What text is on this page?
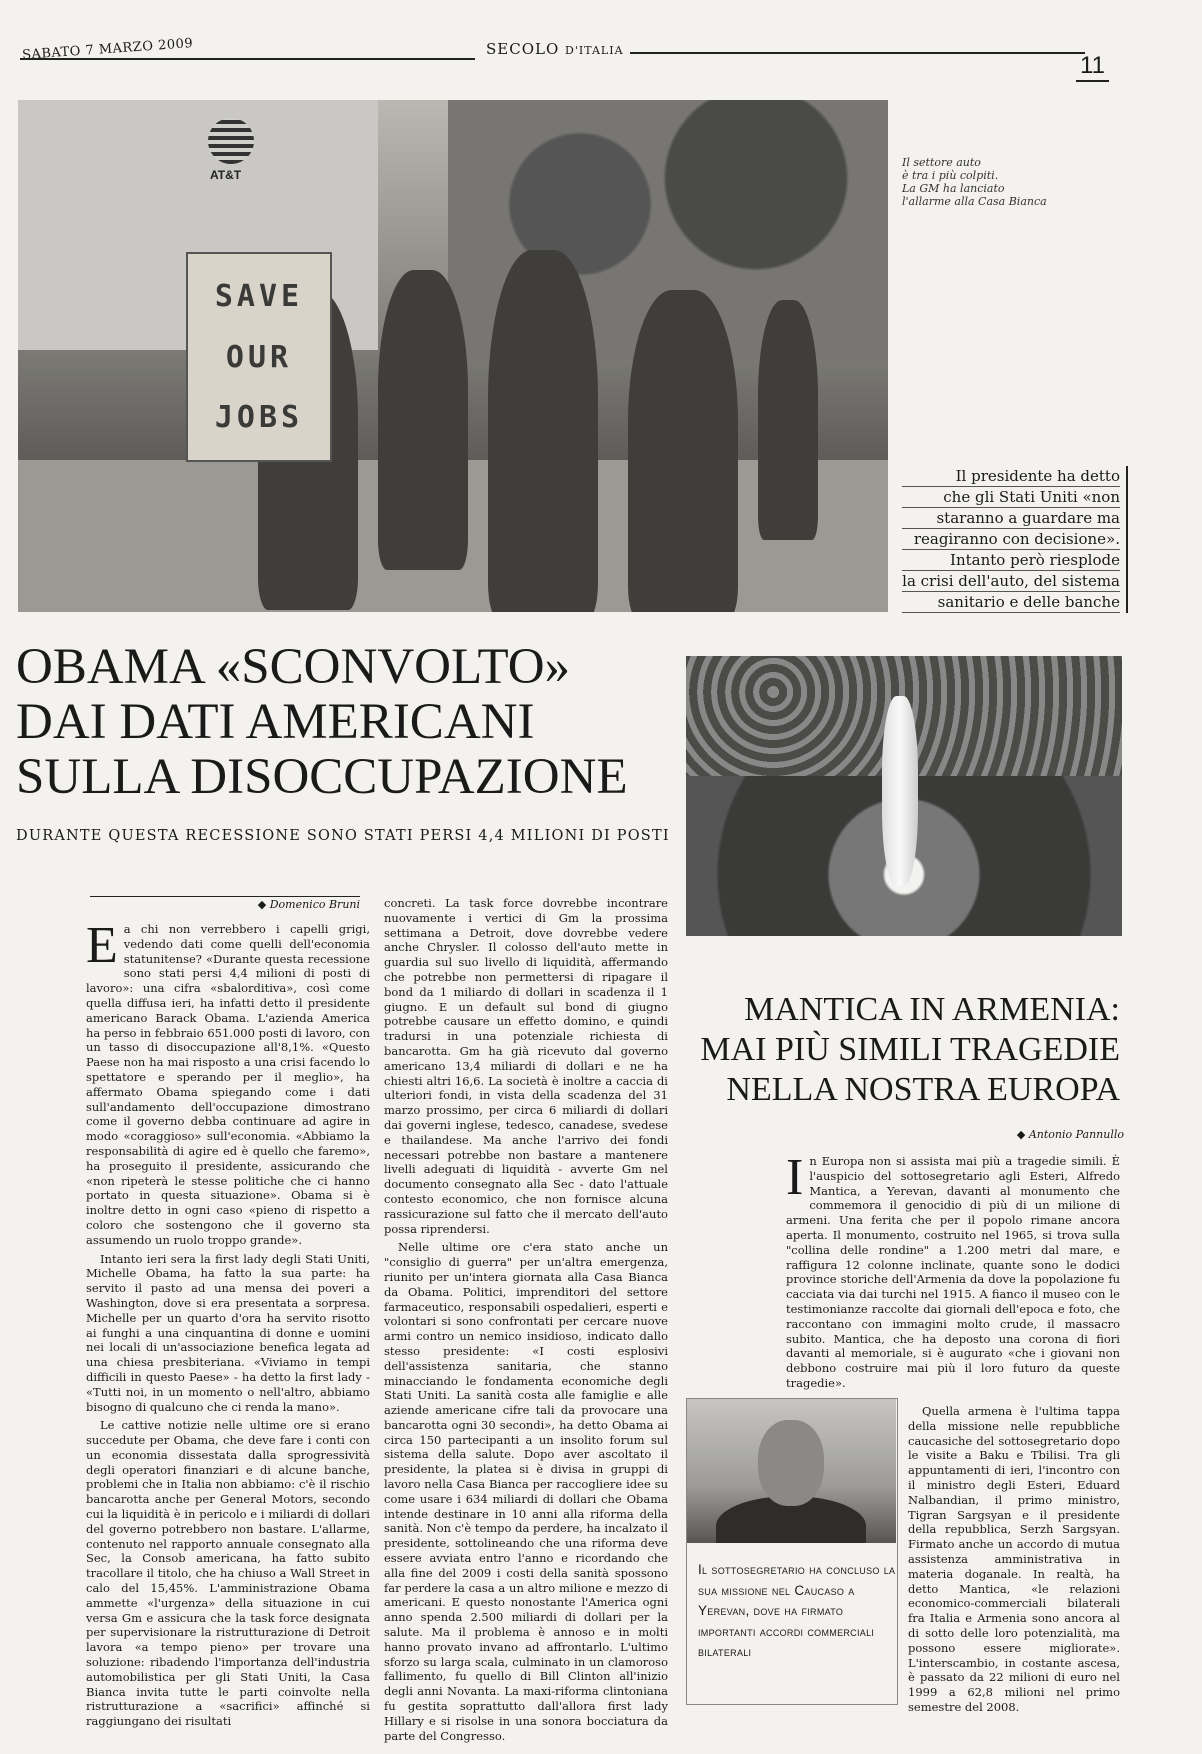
SABATO 7 MARZO 2009	SECOLO D'ITALIA
11
AT&T
SAVE
OUR
JOBS
Il settore auto
è tra i più colpiti.
La GM ha lanciato
l'allarme alla Casa Bianca
Il presidente ha detto
che gli Stati Uniti «non
staranno a guardare ma
reagiranno con decisione».
Intanto però riesplode
la crisi dell'auto, del sistema
sanitario e delle banche
OBAMA «SCONVOLTO»
DAI DATI AMERICANI
SULLA DISOCCUPAZIONE
DURANTE QUESTA RECESSIONE SONO STATI PERSI 4,4 MILIONI DI POSTI
◆ Domenico Bruni

Ea chi non verrebbero i capelli grigi, vedendo dati come quelli dell'economia statunitense? «Durante questa recessione sono stati persi 4,4 milioni di posti di lavoro»: una cifra «sbalorditiva», così come quella diffusa ieri, ha infatti detto il presidente americano Barack Obama. L'azienda America ha perso in febbraio 651.000 posti di lavoro, con un tasso di disoccupazione all'8,1%. «Questo Paese non ha mai risposto a una crisi facendo lo spettatore e sperando per il meglio», ha affermato Obama spiegando come i dati sull'andamento dell'occupazione dimostrano come il governo debba continuare ad agire in modo «coraggioso» sull'economia. «Abbiamo la responsabilità di agire ed è quello che faremo», ha proseguito il presidente, assicurando che «non ripeterà le stesse politiche che ci hanno portato in questa situazione». Obama si è inoltre detto in ogni caso «pieno di rispetto a coloro che sostengono che il governo sta assumendo un ruolo troppo grande».

Intanto ieri sera la first lady degli Stati Uniti, Michelle Obama, ha fatto la sua parte: ha servito il pasto ad una mensa dei poveri a Washington, dove si era presentata a sorpresa. Michelle per un quarto d'ora ha servito risotto ai funghi a una cinquantina di donne e uomini nei locali di un'associazione benefica legata ad una chiesa presbiteriana. «Viviamo in tempi difficili in questo Paese» - ha detto la first lady - «Tutti noi, in un momento o nell'altro, abbiamo bisogno di qualcuno che ci renda la mano».

Le cattive notizie nelle ultime ore si erano succedute per Obama, che deve fare i conti con un economia dissestata dalla sprogressività degli operatori finanziari e di alcune banche, problemi che in Italia non abbiamo: c'è il rischio bancarotta anche per General Motors, secondo cui la liquidità è in pericolo e i miliardi di dollari del governo potrebbero non bastare. L'allarme, contenuto nel rapporto annuale consegnato alla Sec, la Consob americana, ha fatto subito tracollare il titolo, che ha chiuso a Wall Street in calo del 15,45%. L'amministrazione Obama ammette «l'urgenza» della situazione in cui versa Gm e assicura che la task force designata per supervisionare la ristrutturazione di Detroit lavora «a tempo pieno» per trovare una soluzione: ribadendo l'importanza dell'industria automobilistica per gli Stati Uniti, la Casa Bianca invita tutte le parti coinvolte nella ristrutturazione a «sacrifici» affinché si raggiungano dei risultati

concreti. La task force dovrebbe incontrare nuovamente i vertici di Gm la prossima settimana a Detroit, dove dovrebbe vedere anche Chrysler. Il colosso dell'auto mette in guardia sul suo livello di liquidità, affermando che potrebbe non permettersi di ripagare il bond da 1 miliardo di dollari in scadenza il 1 giugno. E un default sul bond di giugno potrebbe causare un effetto domino, e quindi tradursi in una potenziale richiesta di bancarotta. Gm ha già ricevuto dal governo americano 13,4 miliardi di dollari e ne ha chiesti altri 16,6. La società è inoltre a caccia di ulteriori fondi, in vista della scadenza del 31 marzo prossimo, per circa 6 miliardi di dollari dai governi inglese, tedesco, canadese, svedese e thailandese. Ma anche l'arrivo dei fondi necessari potrebbe non bastare a mantenere livelli adeguati di liquidità - avverte Gm nel documento consegnato alla Sec - dato l'attuale contesto economico, che non fornisce alcuna rassicurazione sul fatto che il mercato dell'auto possa riprendersi.

Nelle ultime ore c'era stato anche un "consiglio di guerra" per un'altra emergenza, riunito per un'intera giornata alla Casa Bianca da Obama. Politici, imprenditori del settore farmaceutico, responsabili ospedalieri, esperti e volontari si sono confrontati per cercare nuove armi contro un nemico insidioso, indicato dallo stesso presidente: «I costi esplosivi dell'assistenza sanitaria, che stanno minacciando le fondamenta economiche degli Stati Uniti. La sanità costa alle famiglie e alle aziende americane cifre tali da provocare una bancarotta ogni 30 secondi», ha detto Obama ai circa 150 partecipanti a un insolito forum sul sistema della salute. Dopo aver ascoltato il presidente, la platea si è divisa in gruppi di lavoro nella Casa Bianca per raccogliere idee su come usare i 634 miliardi di dollari che Obama intende destinare in 10 anni alla riforma della sanità. Non c'è tempo da perdere, ha incalzato il presidente, sottolineando che una riforma deve essere avviata entro l'anno e ricordando che alla fine del 2009 i costi della sanità spossono far perdere la casa a un altro milione e mezzo di americani. E questo nonostante l'America ogni anno spenda 2.500 miliardi di dollari per la salute. Ma il problema è annoso e in molti hanno provato invano ad affrontarlo. L'ultimo sforzo su larga scala, culminato in un clamoroso fallimento, fu quello di Bill Clinton all'inizio degli anni Novanta. La maxi-riforma clintoniana fu gestita soprattutto dall'allora first lady Hillary e si risolse in una sonora bocciatura da parte del Congresso.

MANTICA IN ARMENIA:
MAI PIÙ SIMILI TRAGEDIE
NELLA NOSTRA EUROPA
◆ Antonio Pannullo

In Europa non si assista mai più a tragedie simili. È l'auspicio del sottosegretario agli Esteri, Alfredo Mantica, a Yerevan, davanti al monumento che commemora il genocidio di più di un milione di armeni. Una ferita che per il popolo rimane ancora aperta. Il monumento, costruito nel 1965, si trova sulla "collina delle rondine" a 1.200 metri dal mare, e raffigura 12 colonne inclinate, quante sono le dodici province storiche dell'Armenia da dove la popolazione fu cacciata via dai turchi nel 1915. A fianco il museo con le testimonianze raccolte dai giornali dell'epoca e foto, che raccontano con immagini molto crude, il massacro subito. Mantica, che ha deposto una corona di fiori davanti al memoriale, si è augurato «che i giovani non debbono costruire mai più il loro futuro da queste tragedie».

Quella armena è l'ultima tappa della missione nelle repubbliche caucasiche del sottosegretario dopo le visite a Baku e Tbilisi. Tra gli appuntamenti di ieri, l'incontro con il ministro degli Esteri, Eduard Nalbandian, il primo ministro, Tigran Sargsyan e il presidente della repubblica, Serzh Sargsyan. Firmato anche un accordo di mutua assistenza amministrativa in materia doganale. In realtà, ha detto Mantica, «le relazioni economico-commerciali bilaterali fra Italia e Armenia sono ancora al di sotto delle loro potenzialità, ma possono essere migliorate». L'interscambio, in costante ascesa, è passato da 22 milioni di euro nel 1999 a 62,8 milioni nel primo semestre del 2008.

Il sottosegretario ha concluso la sua missione nel Caucaso a Yerevan, dove ha firmato importanti accordi commerciali bilaterali
